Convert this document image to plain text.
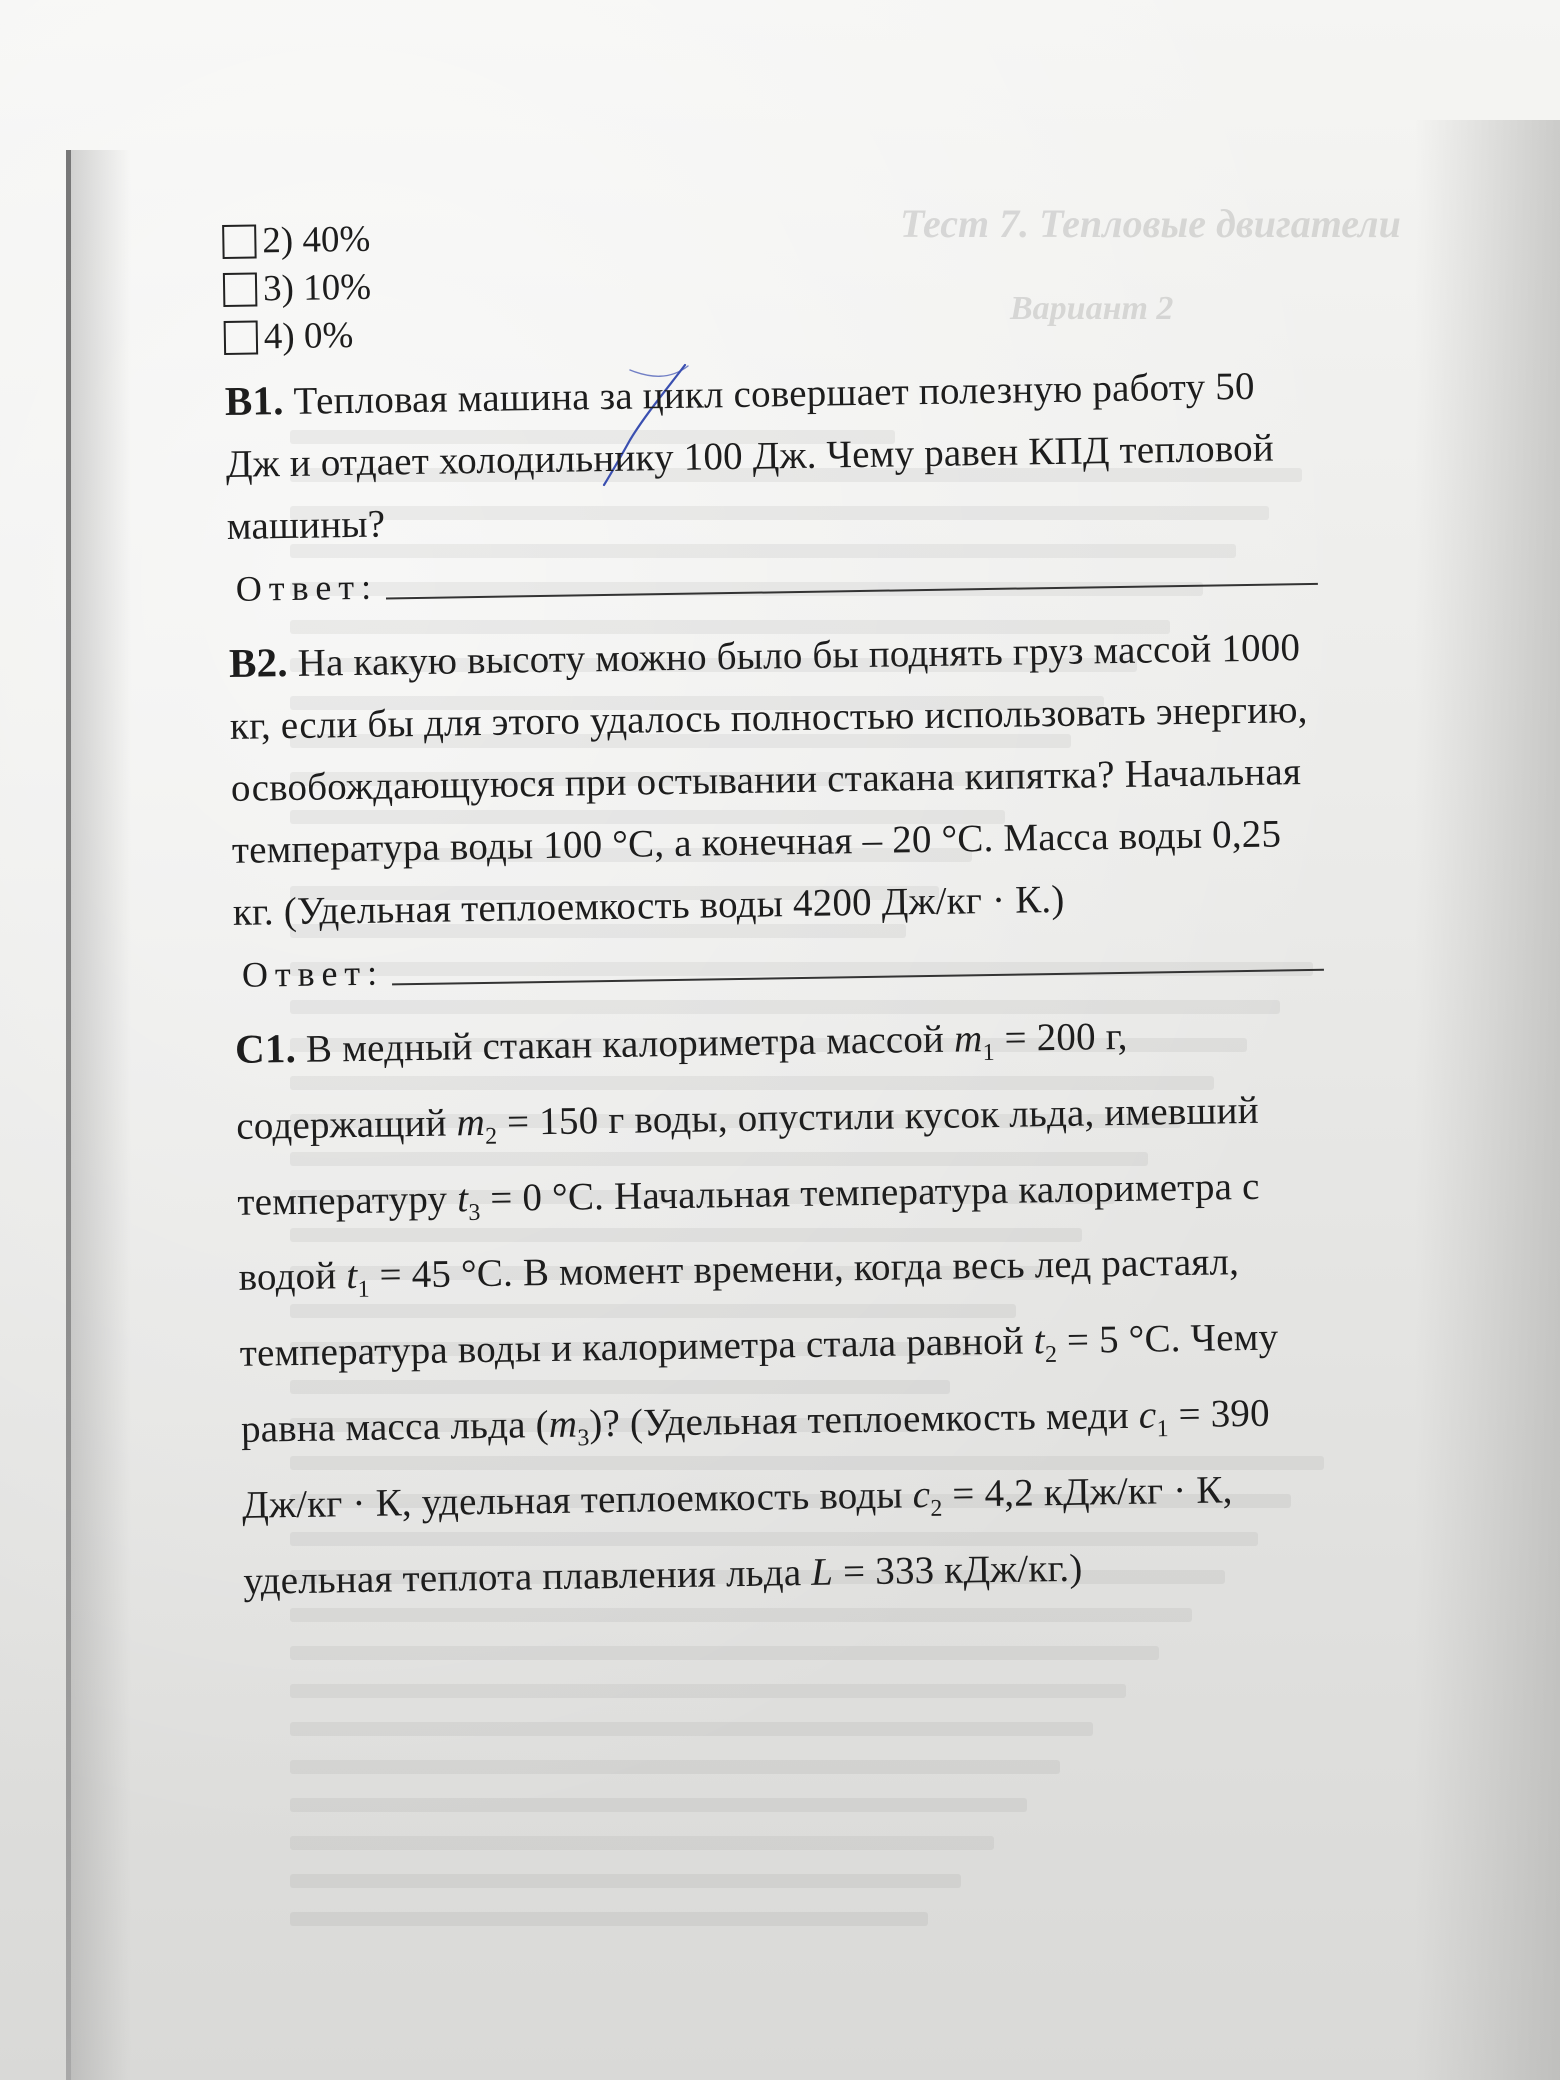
Тест 7. Тепловые двигатели
Вариант 2
2) 40%
3) 10%
4) 0%
B1. Тепловая машина за цикл совершает полезную работу 50 Дж и отдает холодильнику 100 Дж. Чему равен КПД тепловой машины?
Ответ:
B2. На какую высоту можно было бы поднять груз массой 1000 кг, если бы для этого удалось полностью использовать энергию, освобождающуюся при остывании стакана кипятка? Начальная температура воды 100 °С, а конечная – 20 °С. Масса воды 0,25 кг. (Удельная теплоемкость воды 4200 Дж/кг · К.)
Ответ:
C1. В медный стакан калориметра массой $m_1 = 200$ г, содержащий $m_2 = 150$ г воды, опустили кусок льда, имевший температуру $t_3 = 0$ °С. Начальная температура калориметра с водой $t_1 = 45$ °С. В момент времени, когда весь лед растаял, температура воды и калориметра стала равной $t_2 = 5$ °С. Чему равна масса льда $(m_3)$? (Удельная теплоемкость меди $c_1 = 390$ Дж/кг · К, удельная теплоемкость воды $c_2 = 4,2$ кДж/кг · К, удельная теплота плавления льда L = 333 кДж/кг.)
